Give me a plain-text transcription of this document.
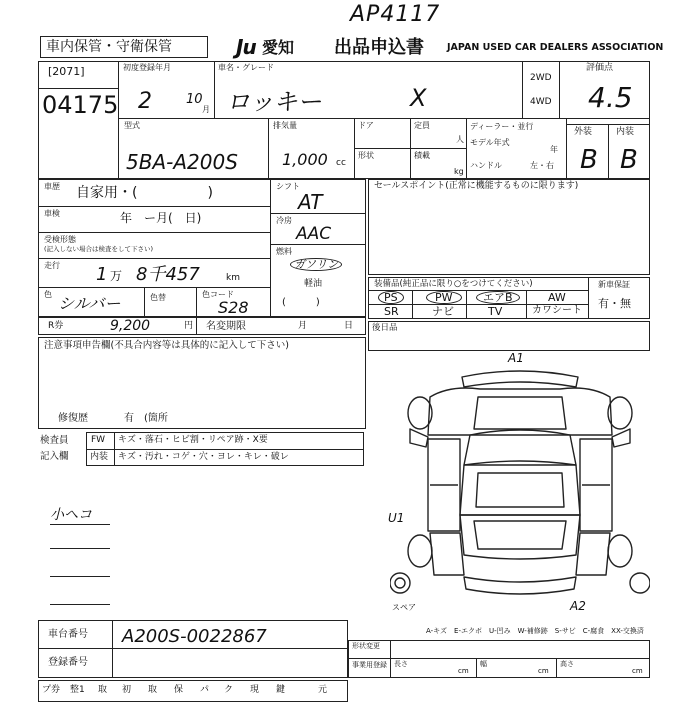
AP4117
車内保管・守衛保管	Ju 愛知 出品申込書 JAPAN USED CAR DEALERS ASSOCIATION
[2071]
04175
初度登録年月
2	10
月
車名・グレード
ロッキー	X
2WD
4WD
評価点
4.5
型式
5BA-A200S
排気量
1,000 cc
ドア
形状
定員
人
積載
kg
ディーラー・並行
モデル年式
年
ハンドル	左・右
外装	内装
B B
車歴 自家用・(　　　　　)
車検	年　ー月(　日)
受検形態
(記入しない場合は検査をして下さい)
走行 1 万 8千457	km
色 シルバー	色替	色コード
S28
シフト
AT
冷房
AAC
燃料
ガソリン
軽油
(　　　)
R券	9,200	円 名変期限	月	日
注意事項申告欄(不具合内容等は具体的に記入して下さい)
修復歴	有 (箇所
検査員
記入欄
FW キズ・落石・ヒビ割・リペア跡・X要
内装 キズ・汚れ・コゲ・穴・ヨレ・キレ・破レ
小ヘコ
セールスポイント(正常に機能するものに限ります)
装備品(純正品に限り○をつけてください)
PS	PW	エアB	AW
SR	ナビ	TV	カワシート
新車保証
有・無
後日品
A1
U1
A2
スペア
A-キズ　E-エクボ　U-凹み　W-補修跡　S-サビ　C-腐食　XX-交換済
車台番号 A200S-0022867
登録番号
形状変更
事業用登録 長さ
cm
幅
cm
高さ
cm
プ券 整1 取 初 取 保 パ ク 現 鍵	元
